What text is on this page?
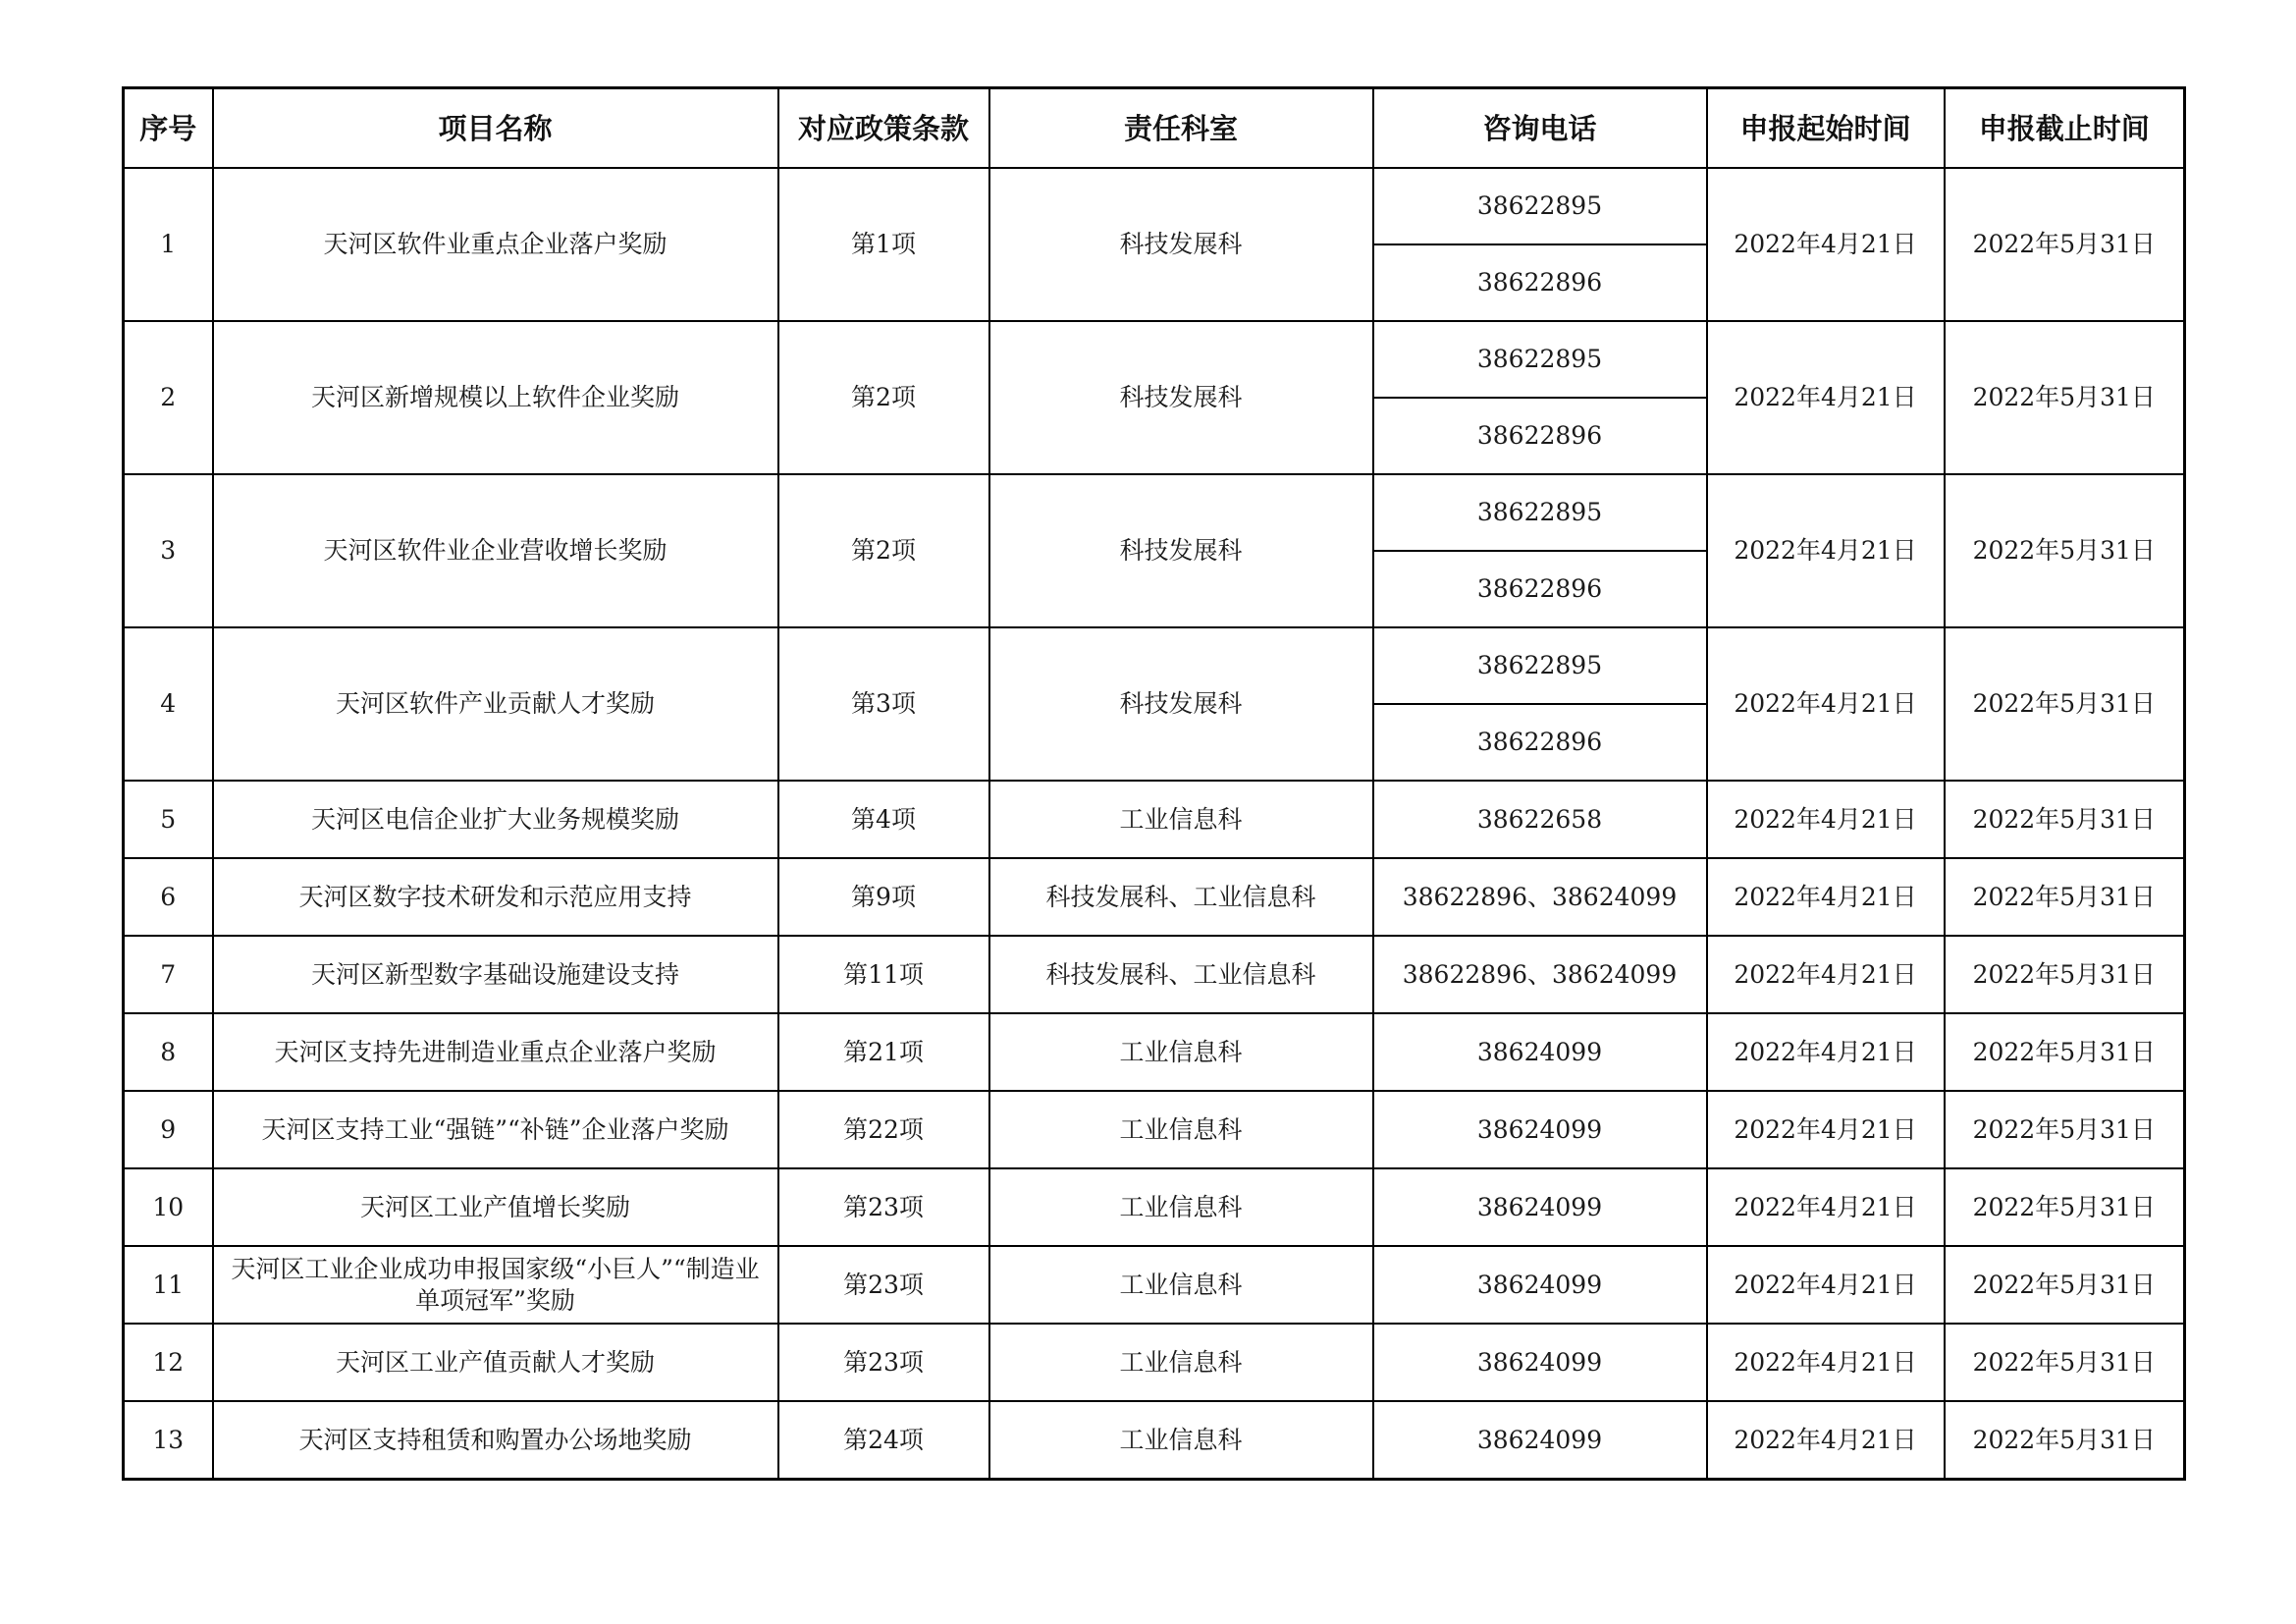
序号	项目名称	对应政策条款	责任科室	咨询电话	申报起始时间	申报截止时间
1	天河区软件业重点企业落户奖励	第1项	科技发展科	38622895	2022年4月21日	2022年5月31日
				38622896		
2	天河区新增规模以上软件企业奖励	第2项	科技发展科	38622895	2022年4月21日	2022年5月31日
				38622896		
3	天河区软件业企业营收增长奖励	第2项	科技发展科	38622895	2022年4月21日	2022年5月31日
				38622896		
4	天河区软件产业贡献人才奖励	第3项	科技发展科	38622895	2022年4月21日	2022年5月31日
				38622896		
5	天河区电信企业扩大业务规模奖励	第4项	工业信息科	38622658	2022年4月21日	2022年5月31日
6	天河区数字技术研发和示范应用支持	第9项	科技发展科、工业信息科	38622896、38624099	2022年4月21日	2022年5月31日
7	天河区新型数字基础设施建设支持	第11项	科技发展科、工业信息科	38622896、38624099	2022年4月21日	2022年5月31日
8	天河区支持先进制造业重点企业落户奖励	第21项	工业信息科	38624099	2022年4月21日	2022年5月31日
9	天河区支持工业“强链”“补链”企业落户奖励	第22项	工业信息科	38624099	2022年4月21日	2022年5月31日
10	天河区工业产值增长奖励	第23项	工业信息科	38624099	2022年4月21日	2022年5月31日
11	天河区工业企业成功申报国家级“小巨人”“制造业单项冠军”奖励	第23项	工业信息科	38624099	2022年4月21日	2022年5月31日
12	天河区工业产值贡献人才奖励	第23项	工业信息科	38624099	2022年4月21日	2022年5月31日
13	天河区支持租赁和购置办公场地奖励	第24项	工业信息科	38624099	2022年4月21日	2022年5月31日
